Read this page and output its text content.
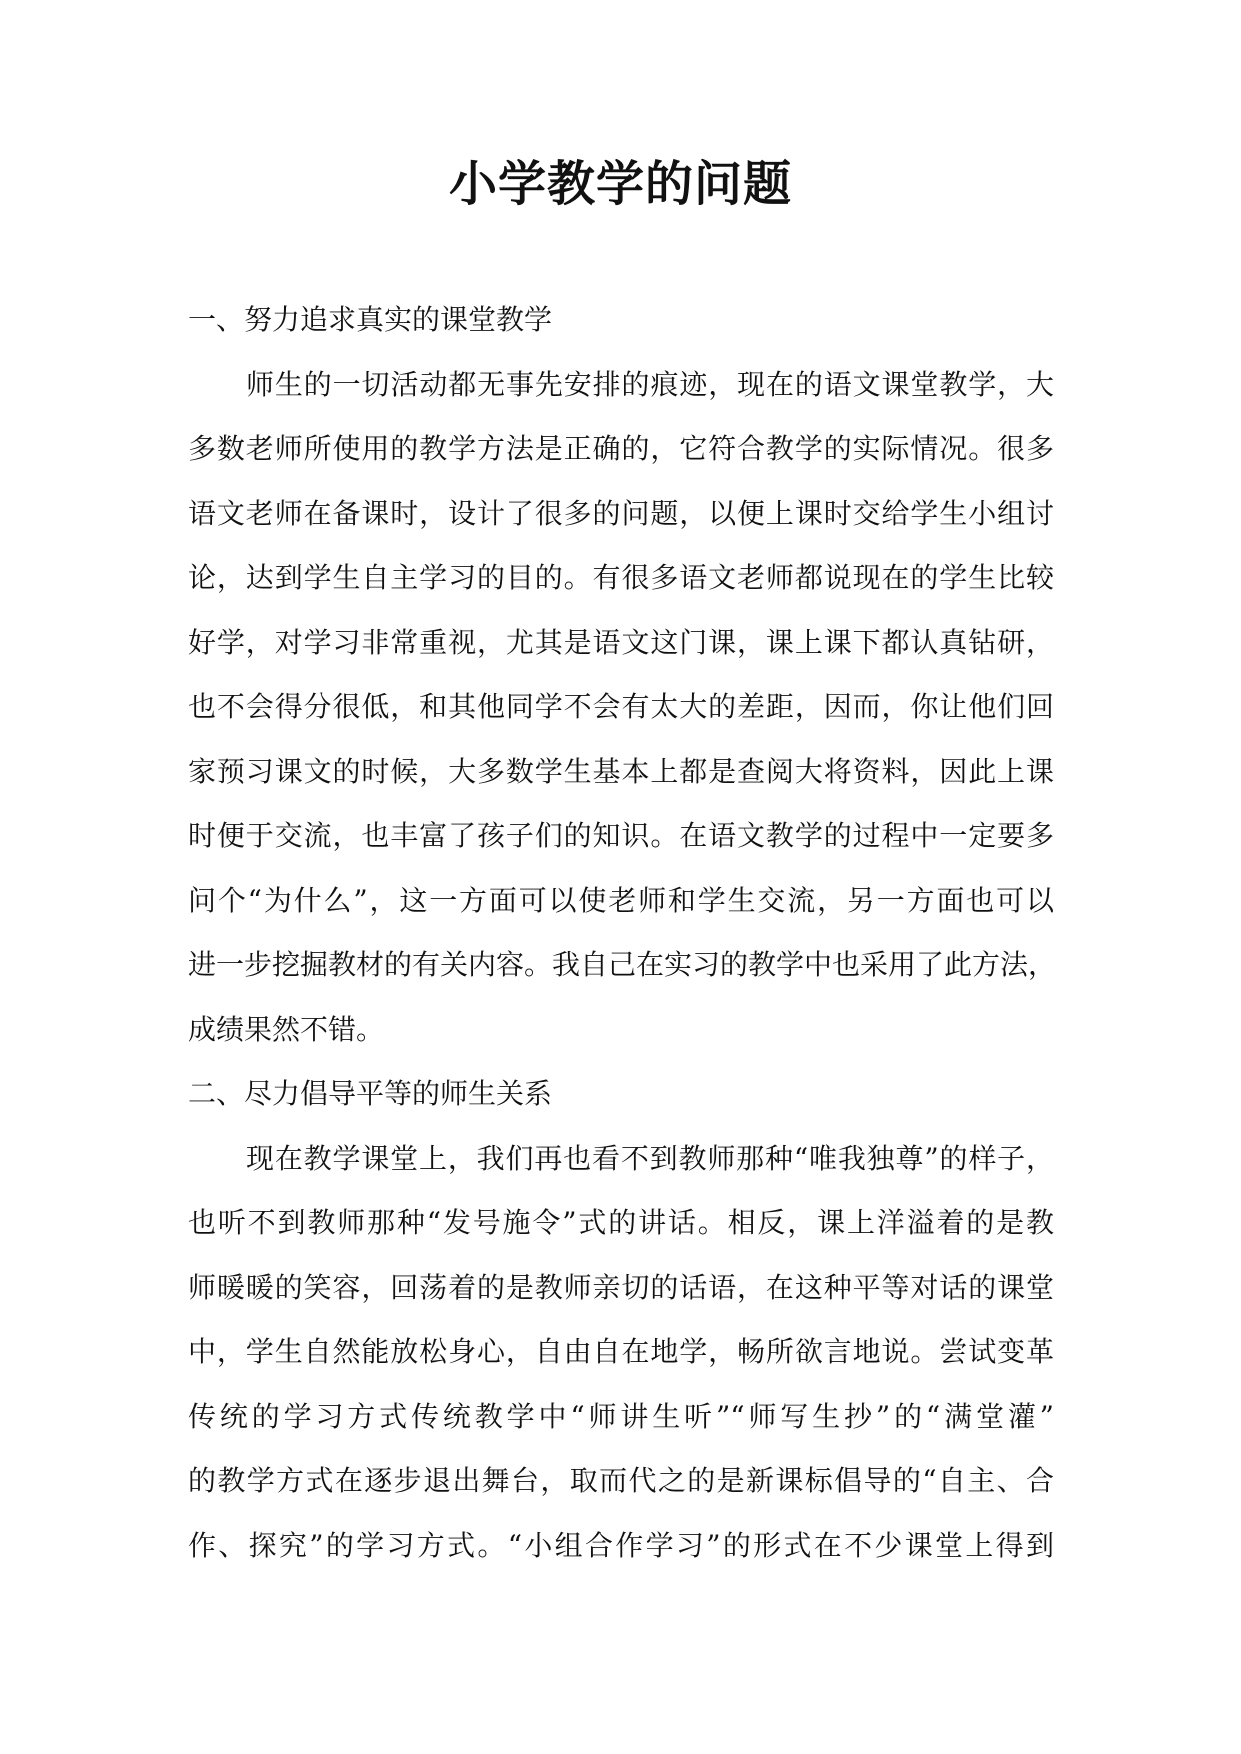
小学教学的问题

一、努力追求真实的课堂教学

师生的一切活动都无事先安排的痕迹，现在的语文课堂教学，大
多数老师所使用的教学方法是正确的，它符合教学的实际情况。很多
语文老师在备课时，设计了很多的问题，以便上课时交给学生小组讨
论，达到学生自主学习的目的。有很多语文老师都说现在的学生比较
好学，对学习非常重视，尤其是语文这门课，课上课下都认真钻研，
也不会得分很低，和其他同学不会有太大的差距，因而，你让他们回
家预习课文的时候，大多数学生基本上都是查阅大将资料，因此上课
时便于交流，也丰富了孩子们的知识。在语文教学的过程中一定要多
问个“为什么”，这一方面可以使老师和学生交流，另一方面也可以
进一步挖掘教材的有关内容。我自己在实习的教学中也采用了此方法，
成绩果然不错。

二、尽力倡导平等的师生关系

现在教学课堂上，我们再也看不到教师那种“唯我独尊”的样子，
也听不到教师那种“发号施令”式的讲话。相反，课上洋溢着的是教
师暖暖的笑容，回荡着的是教师亲切的话语，在这种平等对话的课堂
中，学生自然能放松身心，自由自在地学，畅所欲言地说。尝试变革
传统的学习方式传统教学中“师讲生听”“师写生抄”的“满堂灌”
的教学方式在逐步退出舞台，取而代之的是新课标倡导的“自主、合
作、探究”的学习方式。“小组合作学习”的形式在不少课堂上得到
